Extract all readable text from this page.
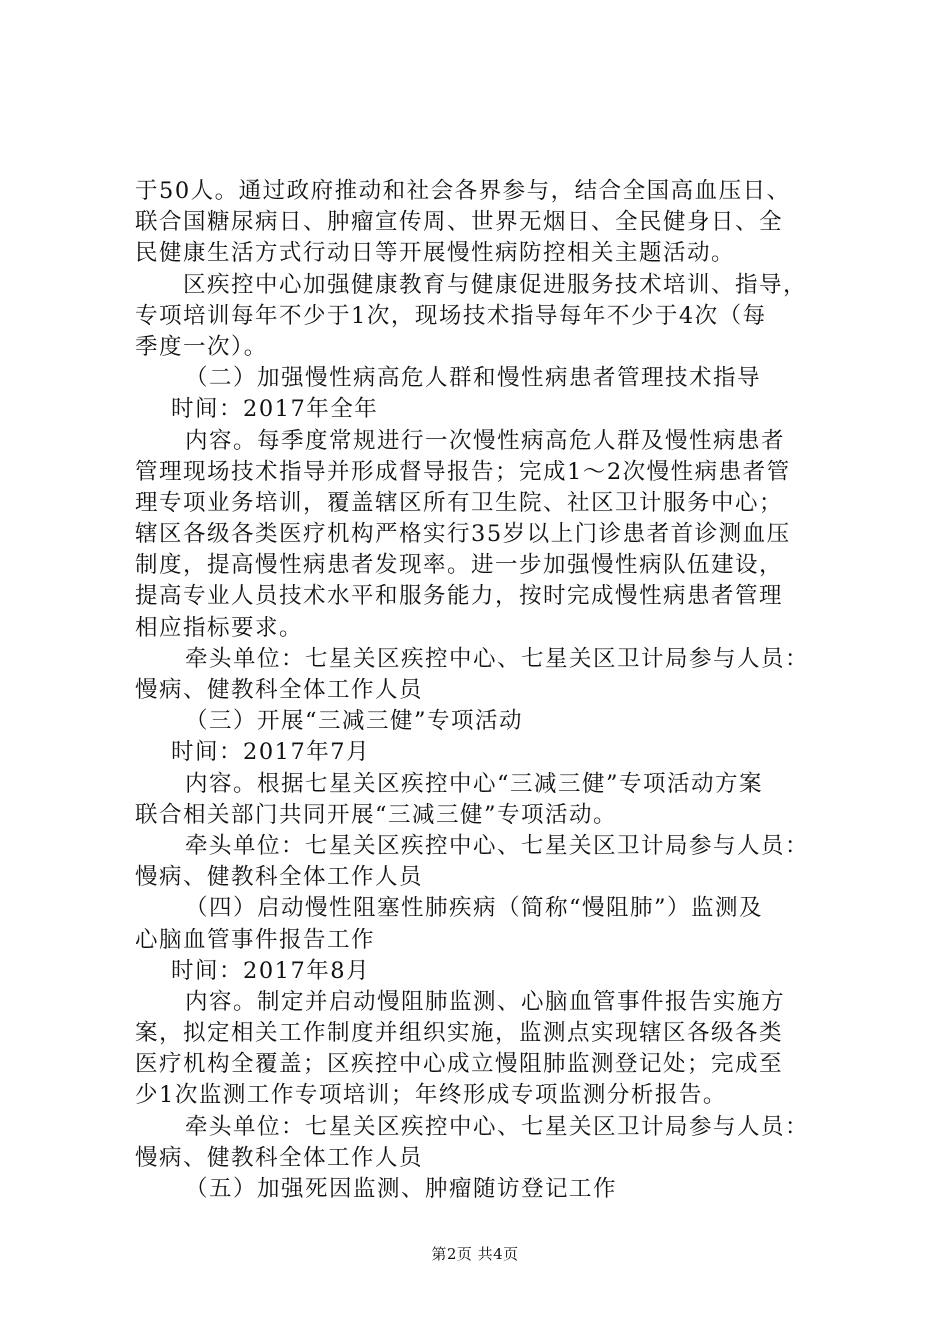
于50人。通过政府推动和社会各界参与，结合全国高血压日、
联合国糖尿病日、肿瘤宣传周、世界无烟日、全民健身日、全
民健康生活方式行动日等开展慢性病防控相关主题活动。
区疾控中心加强健康教育与健康促进服务技术培训、指导，
专项培训每年不少于1次，现场技术指导每年不少于4次（每
季度一次）。
（二）加强慢性病高危人群和慢性病患者管理技术指导
时间：2017年全年
内容。每季度常规进行一次慢性病高危人群及慢性病患者
管理现场技术指导并形成督导报告；完成1～2次慢性病患者管
理专项业务培训，覆盖辖区所有卫生院、社区卫计服务中心；
辖区各级各类医疗机构严格实行35岁以上门诊患者首诊测血压
制度，提高慢性病患者发现率。进一步加强慢性病队伍建设，
提高专业人员技术水平和服务能力，按时完成慢性病患者管理
相应指标要求。
牵头单位：七星关区疾控中心、七星关区卫计局参与人员：
慢病、健教科全体工作人员
（三）开展“三减三健”专项活动
时间：2017年7月
内容。根据七星关区疾控中心“三减三健”专项活动方案
联合相关部门共同开展“三减三健”专项活动。
牵头单位：七星关区疾控中心、七星关区卫计局参与人员：
慢病、健教科全体工作人员
（四）启动慢性阻塞性肺疾病（简称“慢阻肺”）监测及
心脑血管事件报告工作
时间：2017年8月
内容。制定并启动慢阻肺监测、心脑血管事件报告实施方
案，拟定相关工作制度并组织实施，监测点实现辖区各级各类
医疗机构全覆盖；区疾控中心成立慢阻肺监测登记处；完成至
少1次监测工作专项培训；年终形成专项监测分析报告。
牵头单位：七星关区疾控中心、七星关区卫计局参与人员：
慢病、健教科全体工作人员
（五）加强死因监测、肿瘤随访登记工作
第2页 共4页
